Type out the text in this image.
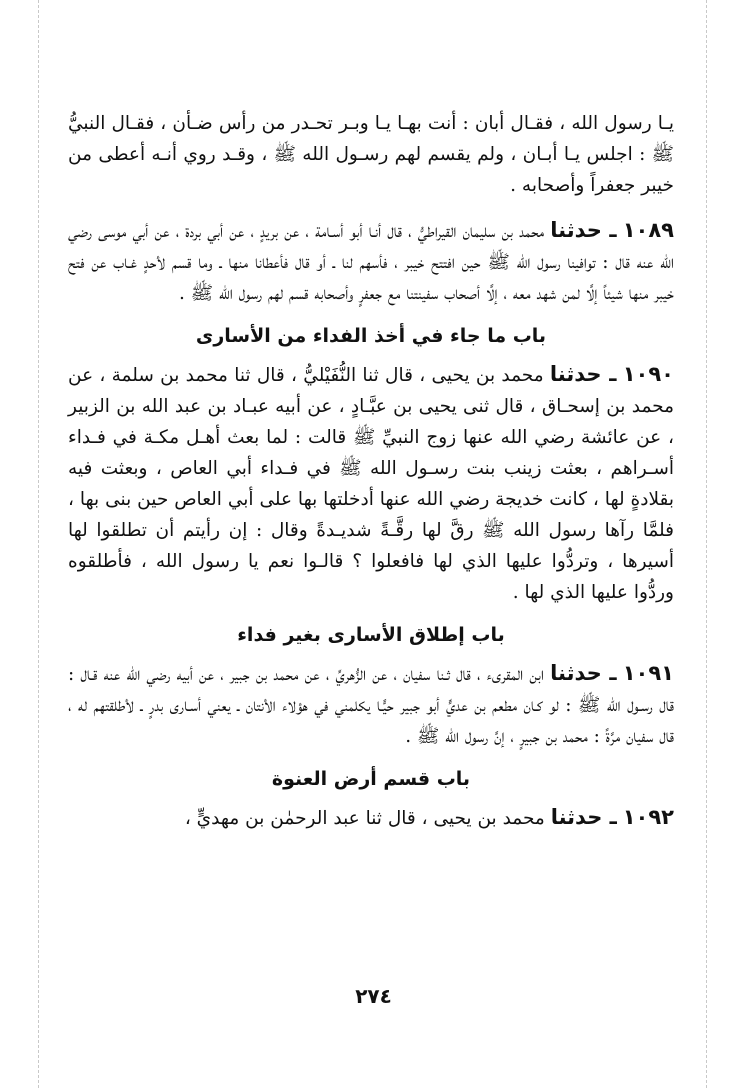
يـا رسول الله ، فقـال أبان : أنت بهـا يـا وبـر تحـدر من رأس ضـأن ، فقـال النبيُّ ﷺ : اجلس يـا أبـان ، ولم يقسم لهم رسـول الله ﷺ ، وقـد روي أنـه أعطى من خيبر جعفراً وأصحابه .

١٠٨٩ ـ حدثنا محمد بن سليمان القيراطيُّ ، قال أنـا أبو أسـامة ، عن بريدٍ ، عن أبي بردة ، عن أبي موسى رضي الله عنه قال : توافينا رسول الله ﷺ حين افتتح خيبر ، فأسهم لنا ـ أو قال فأعطانا منها ـ وما قسم لأحدٍ غـاب عن فتح خيبر منها شيئاً إلَّا لمن شهد معه ، إلَّا أصحاب سفينتنا مع جعفرٍ وأصحابه قسم لهم رسول الله ﷺ .

باب ما جاء في أخذ الفداء من الأسارى

١٠٩٠ ـ حدثنا محمد بن يحيى ، قال ثنا النُّفَيْليُّ ، قال ثنا محمد بن سلمة ، عن محمد بن إسحـاق ، قال ثنى يحيى بن عبَّـادٍ ، عن أبيه عبـاد بن عبد الله بن الزبير ، عن عائشة رضي الله عنها زوج النبيِّ ﷺ قالت : لما بعث أهـل مكـة في فـداء أسـراهم ، بعثت زينب بنت رسـول الله ﷺ في فـداء أبي العاص ، وبعثت فيه بقلادةٍ لها ، كانت خديجة رضي الله عنها أدخلتها بها على أبي العاص حين بنى بها ، فلمَّا رآها رسول الله ﷺ رقَّ لها رقَّـةً شديـدةً وقال : إن رأيتم أن تطلقوا لها أسيرها ، وتردُّوا عليها الذي لها فافعلوا ؟ قالـوا نعم يا رسول الله ، فأطلقوه وردُّوا عليها الذي لها .

باب إطلاق الأسارى بغير فداء

١٠٩١ ـ حدثنا ابن المقرىء ، قال ثـنا سفيان ، عن الزُّهريِّ ، عن محمد بن جبير ، عن أبيه رضي الله عنه قـال : قال رسـول الله ﷺ : لو كـان مطعم بن عديٍّ أبو جبير حيًّـا يكلمني في هؤلاء الأنتان ـ يعني أسـارى بدرٍ ـ لأطلقتهم له ، قال سفيان مرَّةً : محمد بن جبيرٍ ، إنَّ رسول الله ﷺ .

باب قسم أرض العنوة

١٠٩٢ ـ حدثنا محمد بن يحيى ، قال ثنا عبد الرحمٰن بن مهديٍّ ،

٢٧٤
